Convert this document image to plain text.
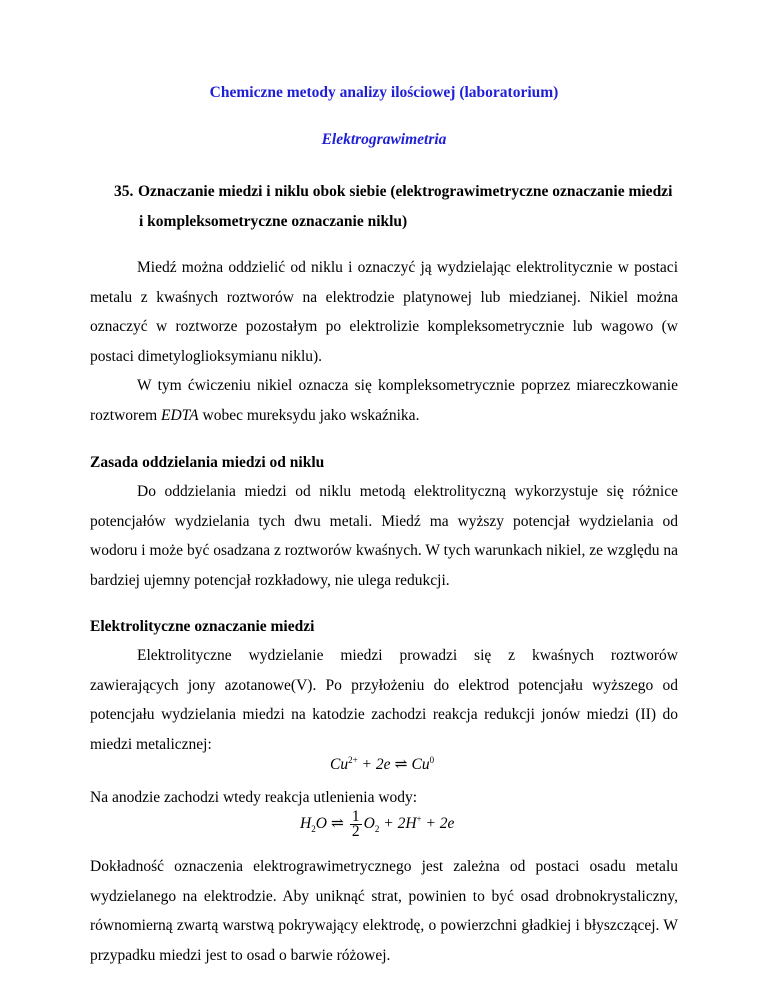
Chemiczne metody analizy ilościowej (laboratorium)

Elektrograwimetria

35. Oznaczanie miedzi i niklu obok siebie (elektrograwimetryczne oznaczanie miedzi
i kompleksometryczne oznaczanie niklu)

Miedź można oddzielić od niklu i oznaczyć ją wydzielając elektrolitycznie w postaci metalu z kwaśnych roztworów na elektrodzie platynowej lub miedzianej. Nikiel można oznaczyć w roztworze pozostałym po elektrolizie kompleksometrycznie lub wagowo (w postaci dimetyloglioksymianu niklu).

W tym ćwiczeniu nikiel oznacza się kompleksometrycznie poprzez miareczkowanie roztworem EDTA wobec mureksydu jako wskaźnika.

Zasada oddzielania miedzi od niklu

Do oddzielania miedzi od niklu metodą elektrolityczną wykorzystuje się różnice potencjałów wydzielania tych dwu metali. Miedź ma wyższy potencjał wydzielania od wodoru i może być osadzana z roztworów kwaśnych. W tych warunkach nikiel, ze względu na bardziej ujemny potencjał rozkładowy, nie ulega redukcji.

Elektrolityczne oznaczanie miedzi

Elektrolityczne wydzielanie miedzi prowadzi się z kwaśnych roztworów zawierających jony azotanowe(V). Po przyłożeniu do elektrod potencjału wyższego od potencjału wydzielania miedzi na katodzie zachodzi reakcja redukcji jonów miedzi (II) do miedzi metalicznej:

$Cu^{2+} + 2e$ ⇌ Cu$^0$

Na anodzie zachodzi wtedy reakcja utlenienia wody:

$H_2O$ ⇌ $\frac{1}{2} O_2 + 2H^+ + 2e$

Dokładność oznaczenia elektrograwimetrycznego jest zależna od postaci osadu metalu wydzielanego na elektrodzie. Aby uniknąć strat, powinien to być osad drobnokrystaliczny, równomierną zwartą warstwą pokrywający elektrodę, o powierzchni gładkiej i błyszczącej. W przypadku miedzi jest to osad o barwie różowej.
